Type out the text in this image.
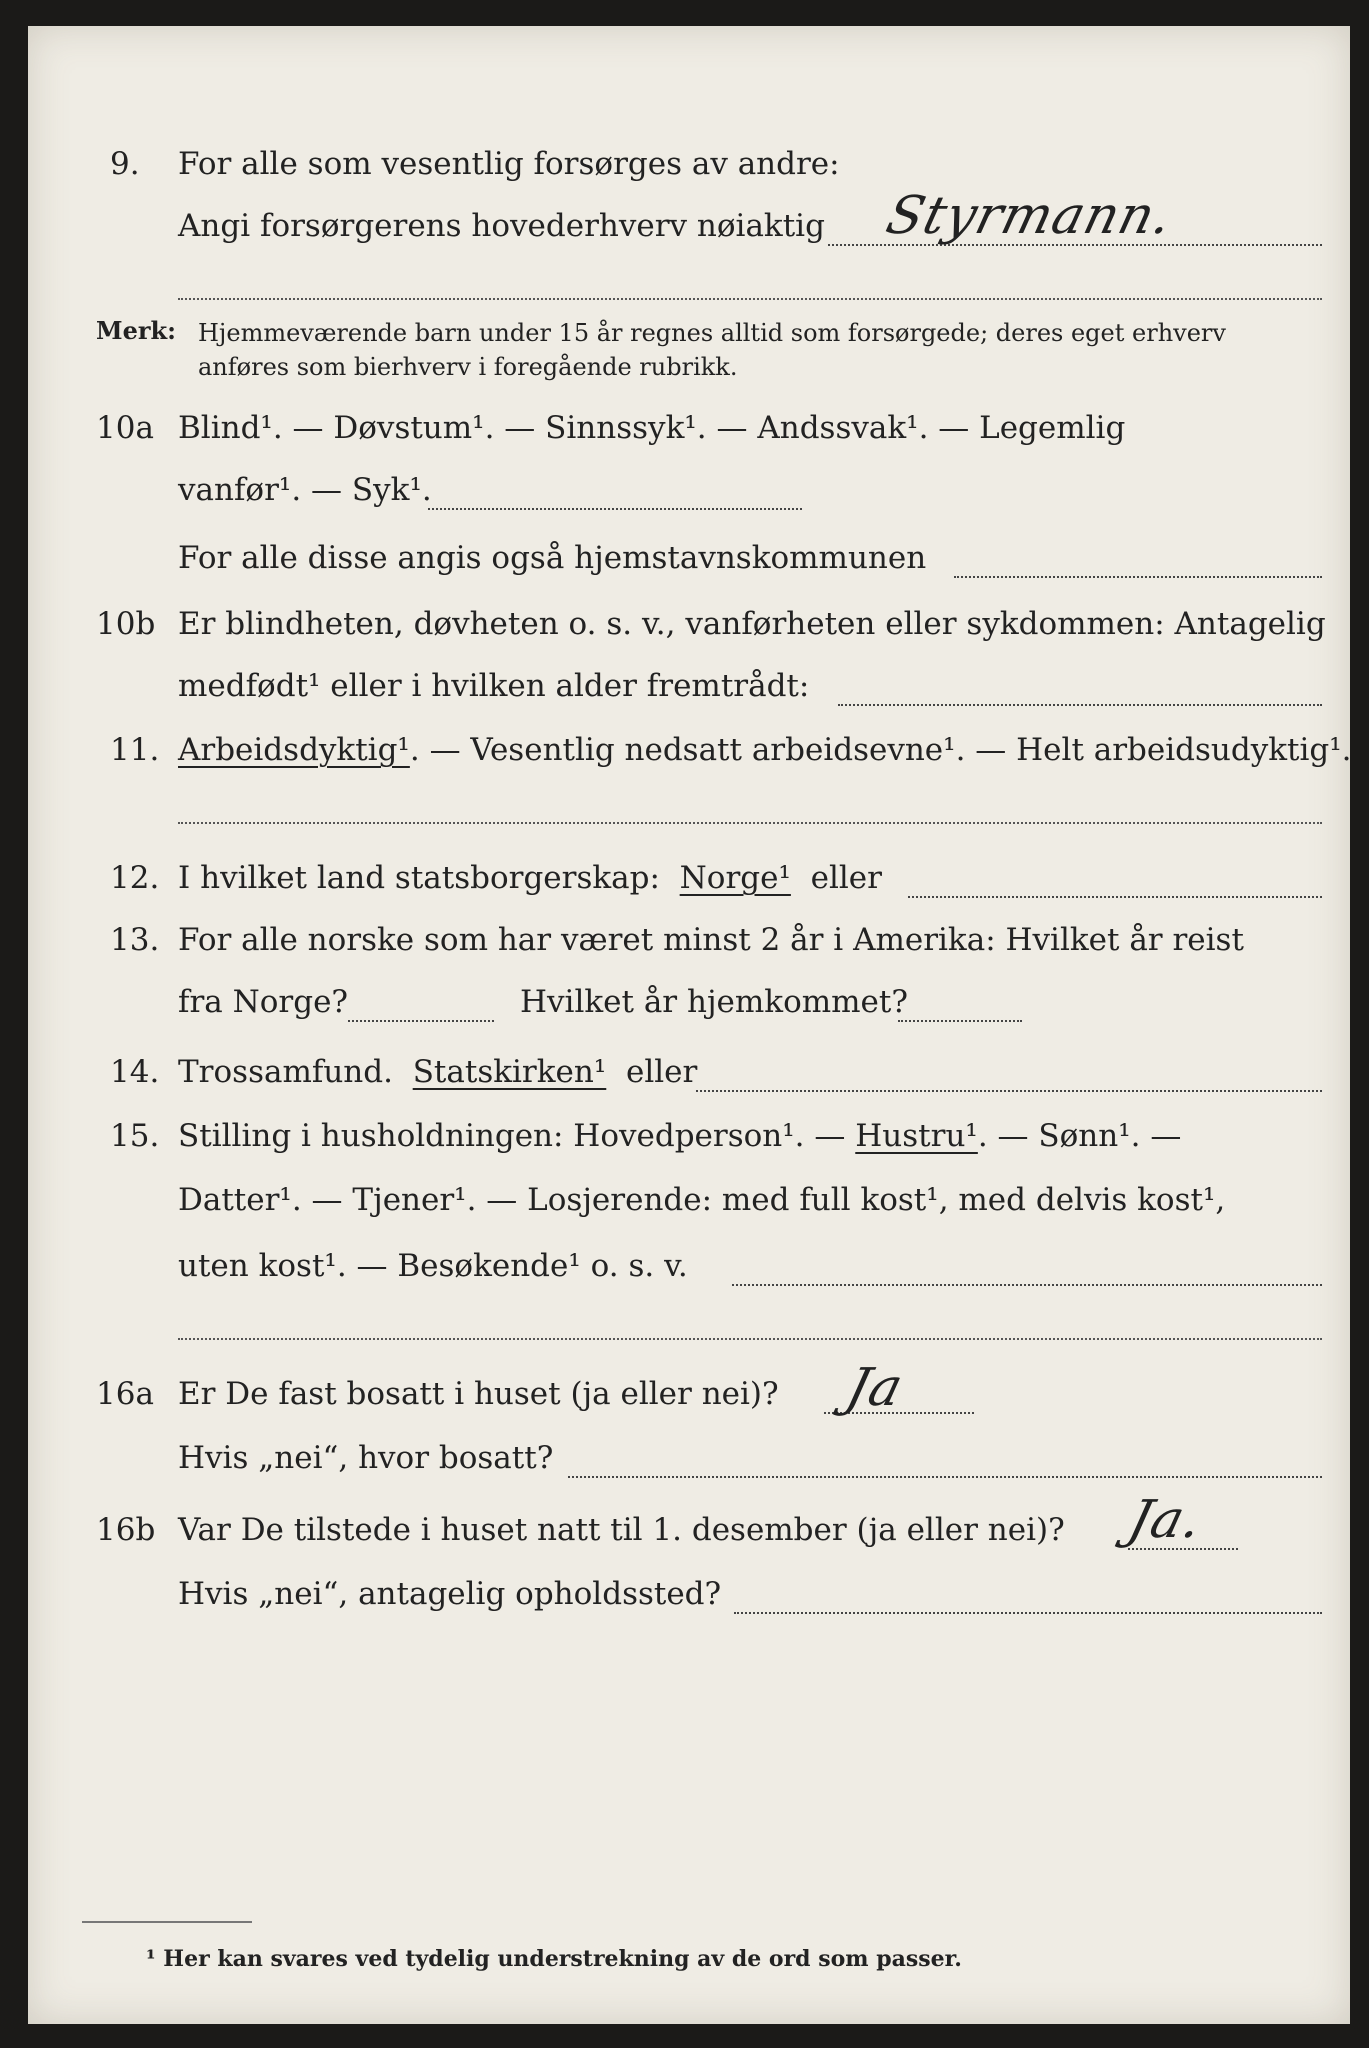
9. For alle som vesentlig forsørges av andre:
Angi forsørgerens hovederhverv nøiaktig Styrmann.
Merk: Hjemmeværende barn under 15 år regnes alltid som forsørgede; deres eget erhverv anføres som bierhverv i foregående rubrikk.
10a Blind¹. — Døvstum¹. — Sinnssyk¹. — Andssvak¹. — Legemlig
vanfør¹. — Syk¹.
For alle disse angis også hjemstavnskommunen
10b Er blindheten, døvheten o. s. v., vanførheten eller sykdommen: Antagelig
medfødt¹ eller i hvilken alder fremtrådt:
11. Arbeidsdyktig¹. — Vesentlig nedsatt arbeidsevne¹. — Helt arbeidsudyktig¹.
12. I hvilket land statsborgerskap: Norge¹ eller
13. For alle norske som har været minst 2 år i Amerika: Hvilket år reist
fra Norge?	Hvilket år hjemkommet?
14. Trossamfund. Statskirken¹ eller
15. Stilling i husholdningen: Hovedperson¹. — Hustru¹. — Sønn¹. —
Datter¹. — Tjener¹. — Losjerende: med full kost¹, med delvis kost¹,
uten kost¹. — Besøkende¹ o. s. v.
16a Er De fast bosatt i huset (ja eller nei)? Ja
Hvis „nei“, hvor bosatt?
16b Var De tilstede i huset natt til 1. desember (ja eller nei)? Ja.
Hvis „nei“, antagelig opholdssted?
¹ Her kan svares ved tydelig understrekning av de ord som passer.
